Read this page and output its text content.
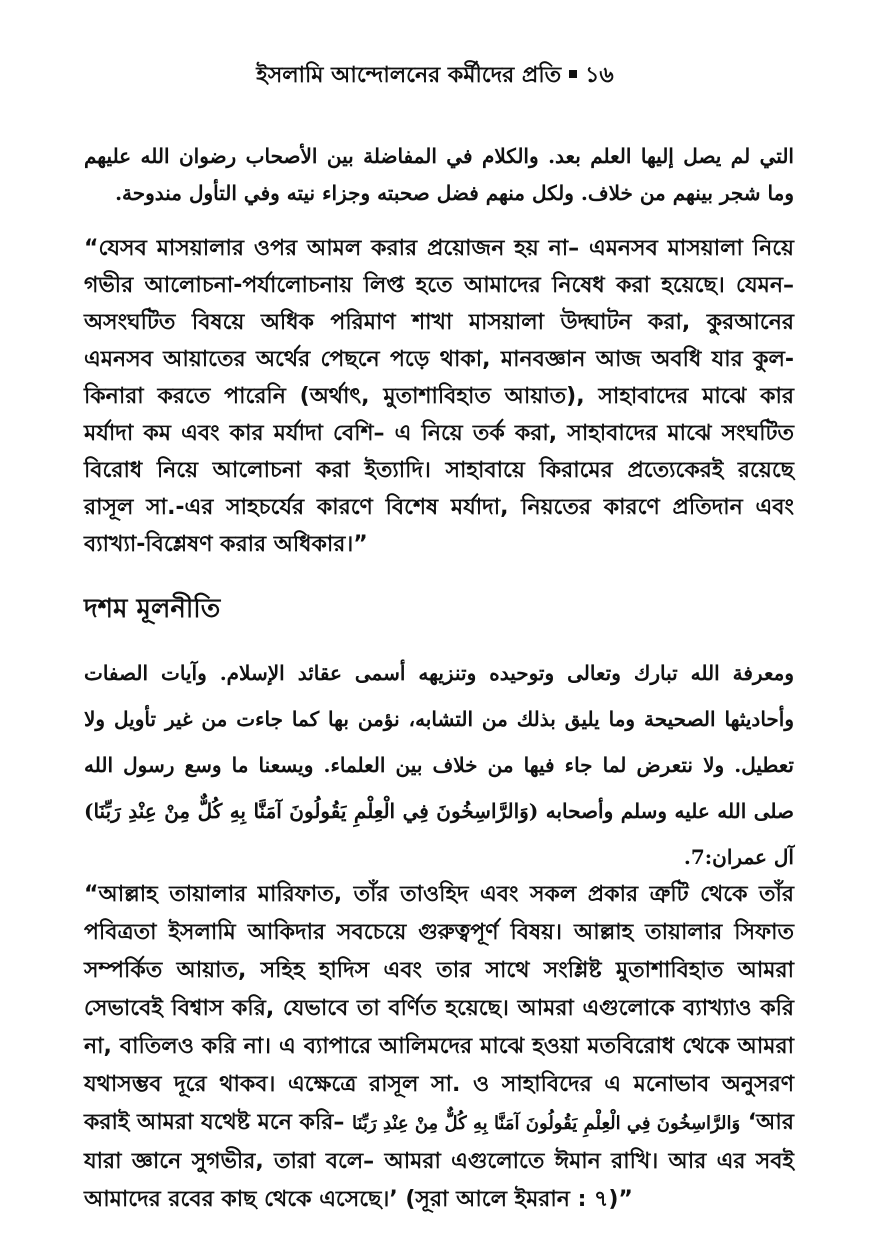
ইসলামি আন্দোলনের কর্মীদের প্রতি ১৬

التي لم يصل إليها العلم بعد. والكلام في المفاضلة بين الأصحاب رضوان الله عليهم وما شجر بينهم من خلاف. ولكل منهم فضل صحبته وجزاء نيته وفي التأول مندوحة.

“যেসব মাসয়ালার ওপর আমল করার প্রয়োজন হয় না– এমনসব মাসয়ালা নিয়ে গভীর আলোচনা-পর্যালোচনায় লিপ্ত হতে আমাদের নিষেধ করা হয়েছে। যেমন– অসংঘটিত বিষয়ে অধিক পরিমাণ শাখা মাসয়ালা উদ্ঘাটন করা, কুরআনের এমনসব আয়াতের অর্থের পেছনে পড়ে থাকা, মানবজ্ঞান আজ অবধি যার কুল-কিনারা করতে পারেনি (অর্থাৎ, মুতাশাবিহাত আয়াত), সাহাবাদের মাঝে কার মর্যাদা কম এবং কার মর্যাদা বেশি– এ নিয়ে তর্ক করা, সাহাবাদের মাঝে সংঘটিত বিরোধ নিয়ে আলোচনা করা ইত্যাদি। সাহাবায়ে কিরামের প্রত্যেকেরই রয়েছে রাসূল সা.-এর সাহচর্যের কারণে বিশেষ মর্যাদা, নিয়তের কারণে প্রতিদান এবং ব্যাখ্যা-বিশ্লেষণ করার অধিকার।”

দশম মূলনীতি

ومعرفة الله تبارك وتعالى وتوحيده وتنزيهه أسمى عقائد الإسلام. وآيات الصفات وأحاديثها الصحيحة وما يليق بذلك من التشابه، نؤمن بها كما جاءت من غير تأويل ولا تعطيل. ولا نتعرض لما جاء فيها من خلاف بين العلماء. ويسعنا ما وسع رسول الله صلى الله عليه وسلم وأصحابه (وَالرَّاسِخُونَ فِي الْعِلْمِ يَقُولُونَ آمَنَّا بِهِ كُلٌّ مِنْ عِنْدِ رَبِّنَا) آل عمران:7.

“আল্লাহ তায়ালার মারিফাত, তাঁর তাওহিদ এবং সকল প্রকার ত্রুটি থেকে তাঁর পবিত্রতা ইসলামি আকিদার সবচেয়ে গুরুত্বপূর্ণ বিষয়। আল্লাহ তায়ালার সিফাত সম্পর্কিত আয়াত, সহিহ হাদিস এবং তার সাথে সংশ্লিষ্ট মুতাশাবিহাত আমরা সেভাবেই বিশ্বাস করি, যেভাবে তা বর্ণিত হয়েছে। আমরা এগুলোকে ব্যাখ্যাও করি না, বাতিলও করি না। এ ব্যাপারে আলিমদের মাঝে হওয়া মতবিরোধ থেকে আমরা যথাসম্ভব দূরে থাকব। এক্ষেত্রে রাসূল সা. ও সাহাবিদের এ মনোভাব অনুসরণ করাই আমরা যথেষ্ট মনে করি– وَالرَّاسِخُونَ فِي الْعِلْمِ يَقُولُونَ آمَنَّا بِهِ كُلٌّ مِنْ عِنْدِ رَبِّنَا ‘আর যারা জ্ঞানে সুগভীর, তারা বলে– আমরা এগুলোতে ঈমান রাখি। আর এর সবই আমাদের রবের কাছ থেকে এসেছে।’ (সূরা আলে ইমরান : ৭)”
